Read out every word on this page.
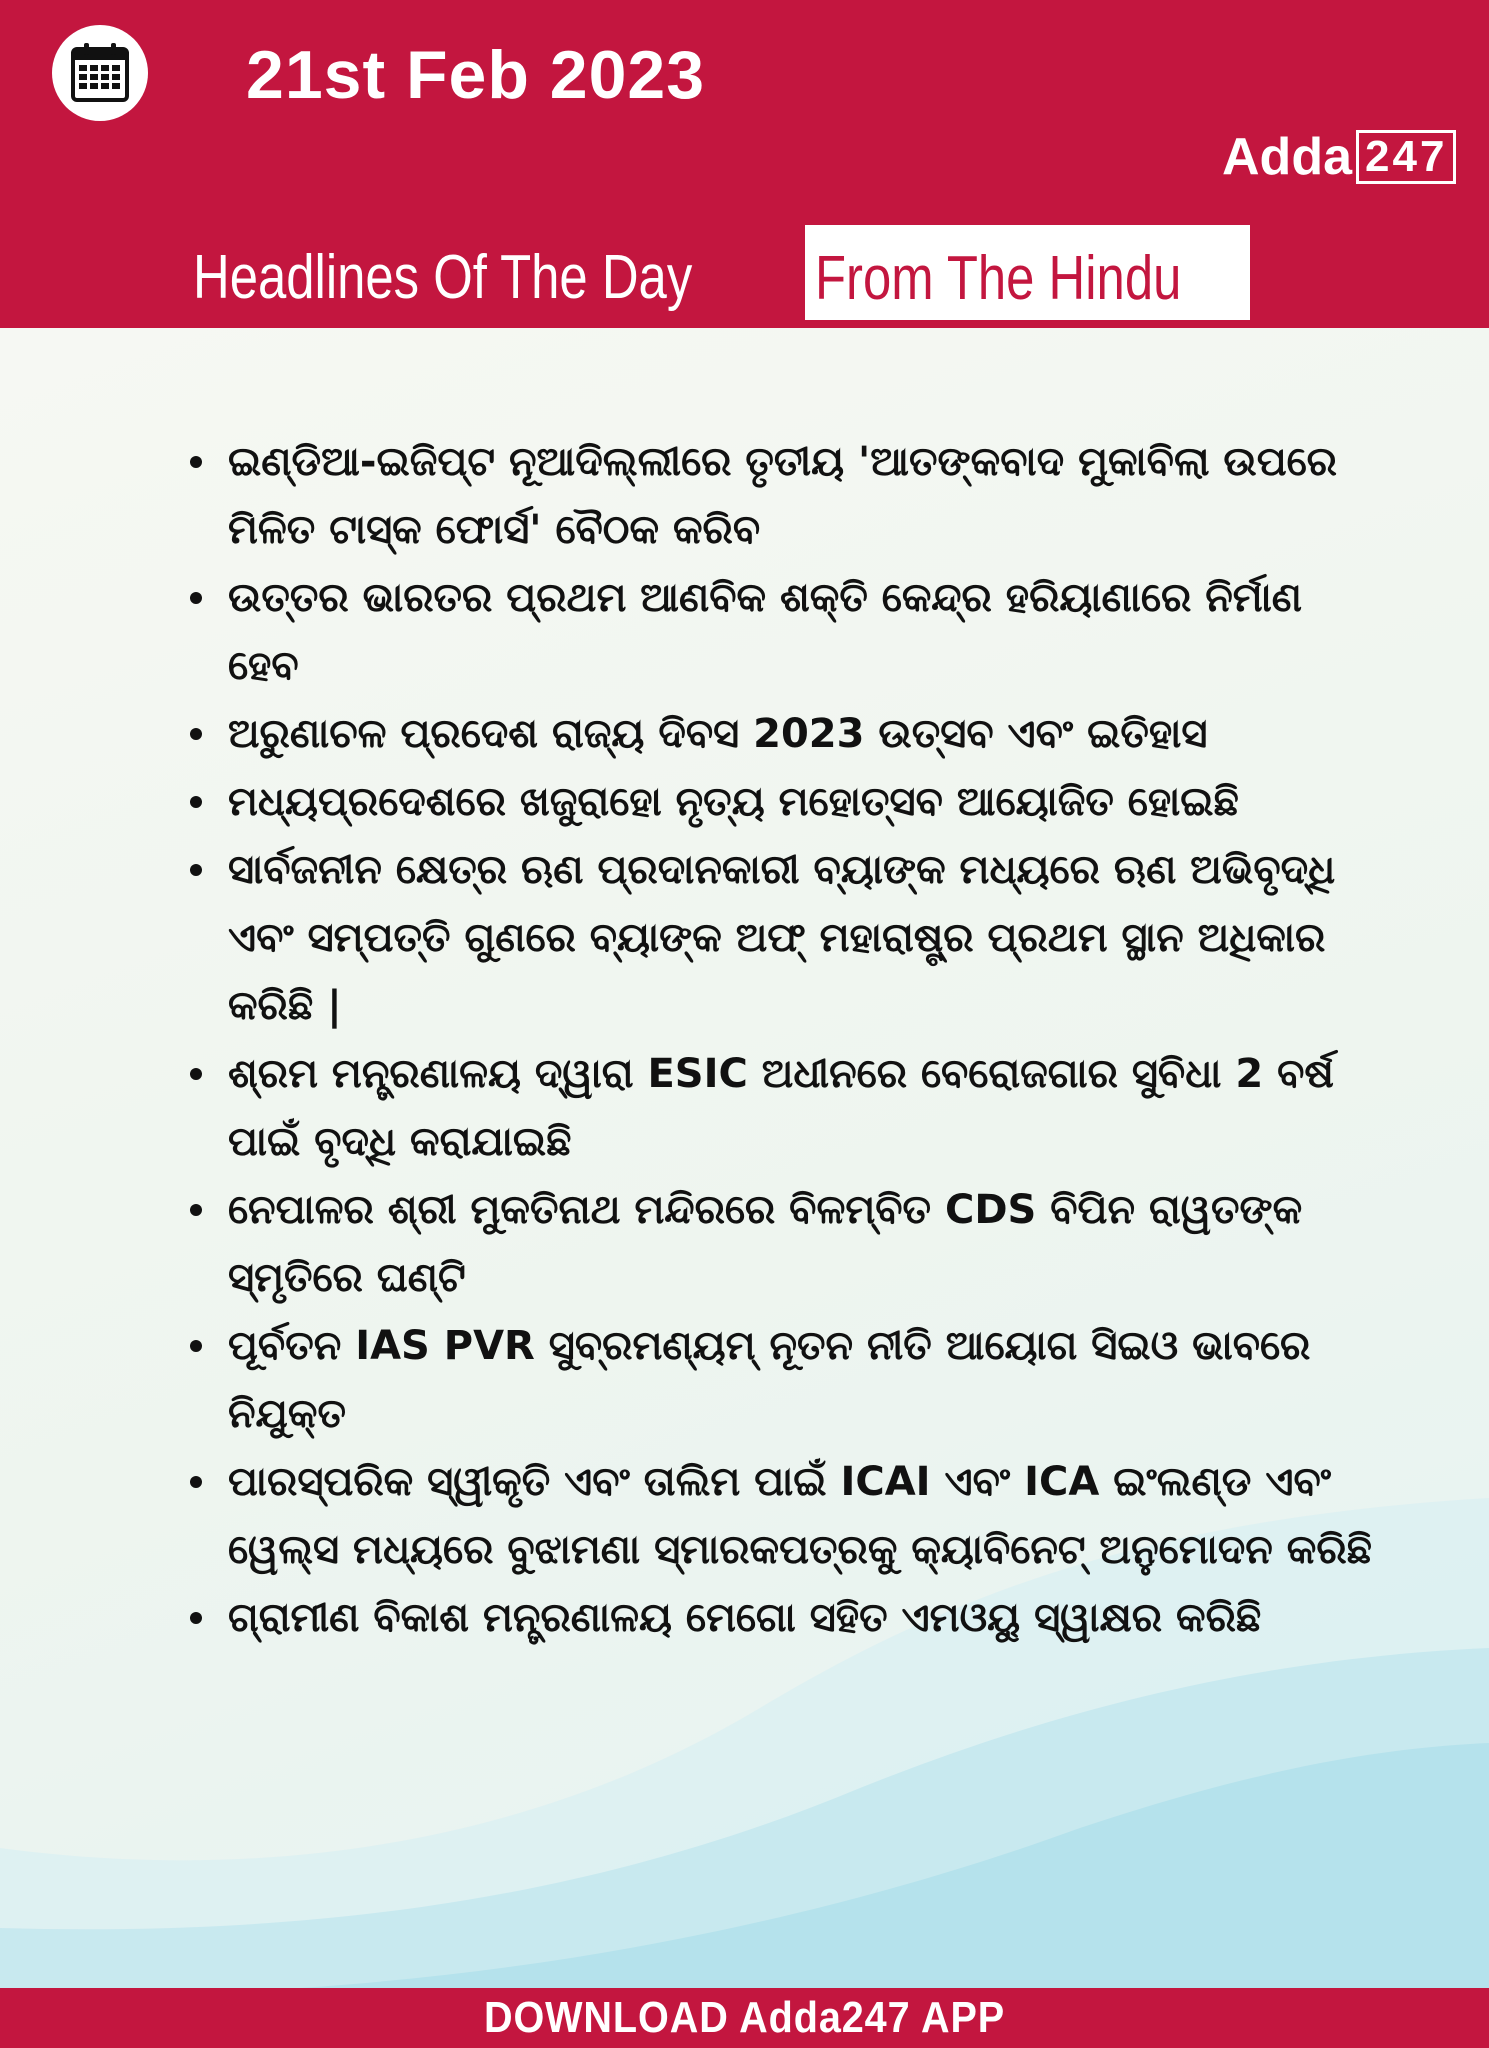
21st Feb 2023
Adda 247
Headlines Of The Day From The Hindu
ଇଣ୍ଡିଆ-ଇଜିପ୍ଟ ନୂଆଦିଲ୍ଲୀରେ ତୃତୀୟ 'ଆତଙ୍କବାଦ ମୁକାବିଲା ଉପରେ ମିଳିତ ଟାସ୍କ ଫୋର୍ସ' ବୈଠକ କରିବ
ଉତ୍ତର ଭାରତର ପ୍ରଥମ ଆଣବିକ ଶକ୍ତି କେନ୍ଦ୍ର ହରିୟାଣାରେ ନିର୍ମାଣ ହେବ
ଅରୁଣାଚଳ ପ୍ରଦେଶ ରାଜ୍ୟ ଦିବସ 2023 ଉତ୍ସବ ଏବଂ ଇତିହାସ
ମଧ୍ୟପ୍ରଦେଶରେ ଖଜୁରାହୋ ନୃତ୍ୟ ମହୋତ୍ସବ ଆୟୋଜିତ ହୋଇଛି
ସାର୍ବଜନୀନ କ୍ଷେତ୍ର ଋଣ ପ୍ରଦାନକାରୀ ବ୍ୟାଙ୍କ ମଧ୍ୟରେ ଋଣ ଅଭିବୃଦ୍ଧି ଏବଂ ସମ୍ପତ୍ତି ଗୁଣରେ ବ୍ୟାଙ୍କ ଅଫ୍ ମହାରାଷ୍ଟ୍ର ପ୍ରଥମ ସ୍ଥାନ ଅଧିକାର କରିଛି |
ଶ୍ରମ ମନ୍ତ୍ରଣାଳୟ ଦ୍ୱାରା ESIC ଅଧୀନରେ ବେରୋଜଗାର ସୁବିଧା 2 ବର୍ଷ ପାଇଁ ବୃଦ୍ଧି କରାଯାଇଛି
ନେପାଳର ଶ୍ରୀ ମୁକତିନାଥ ମନ୍ଦିରରେ ବିଳମ୍ବିତ CDS ବିପିନ ରାୱତଙ୍କ ସ୍ମୃତିରେ ଘଣ୍ଟି
ପୂର୍ବତନ IAS PVR ସୁବ୍ରମଣ୍ୟମ୍ ନୂତନ ନୀତି ଆୟୋଗ ସିଇଓ ଭାବରେ ନିଯୁକ୍ତ
ପାରସ୍ପରିକ ସ୍ୱୀକୃତି ଏବଂ ତାଲିମ ପାଇଁ ICAI ଏବଂ ICA ଇଂଲଣ୍ଡ ଏବଂ ୱେଲ୍ସ ମଧ୍ୟରେ ବୁଝାମଣା ସ୍ମାରକପତ୍ରକୁ କ୍ୟାବିନେଟ୍ ଅନୁମୋଦନ କରିଛି
ଗ୍ରାମୀଣ ବିକାଶ ମନ୍ତ୍ରଣାଳୟ ମେଗୋ ସହିତ ଏମଓୟୁ ସ୍ୱାକ୍ଷର କରିଛି
DOWNLOAD Adda247 APP
